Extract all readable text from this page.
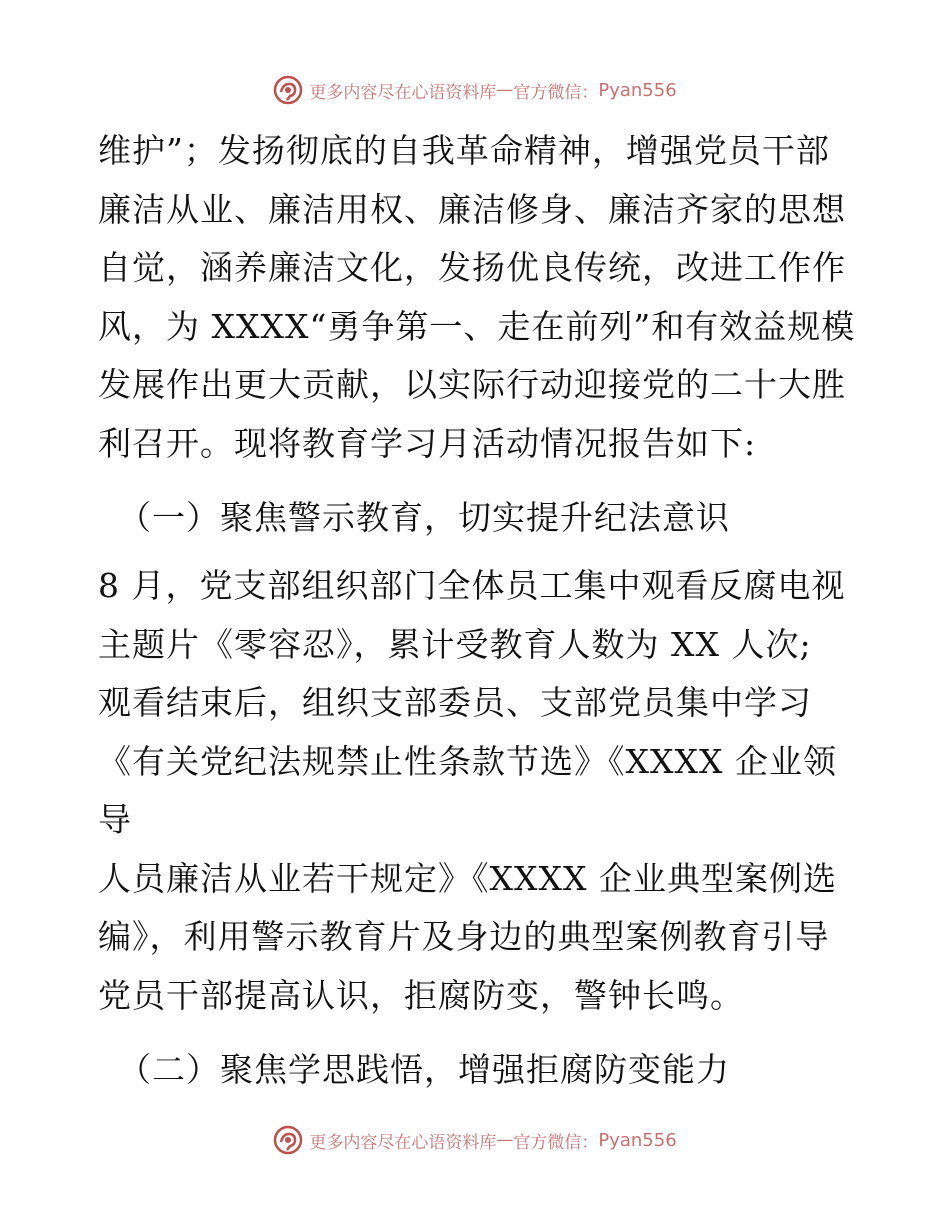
更多内容尽在心语资料库 — 官方微信： Pyan556

维护”；发扬彻底的自我革命精神，增强党员干部

廉洁从业、廉洁用权、廉洁修身、廉洁齐家的思想

自觉，涵养廉洁文化，发扬优良传统，改进工作作

风，为 XXXX“勇争第一、走在前列”和有效益规模

发展作出更大贡献，以实际行动迎接党的二十大胜

利召开。现将教育学习月活动情况报告如下:

（一）聚焦警示教育，切实提升纪法意识

8 月，党支部组织部门全体员工集中观看反腐电视

主题片《零容忍》，累计受教育人数为 XX 人次;

观看结束后，组织支部委员、支部党员集中学习

《有关党纪法规禁止性条款节选》《XXXX 企业领导

人员廉洁从业若干规定》《XXXX 企业典型案例选

编》，利用警示教育片及身边的典型案例教育引导

党员干部提高认识，拒腐防变，警钟长鸣。

（二）聚焦学思践悟，增强拒腐防变能力

更多内容尽在心语资料库 — 官方微信： Pyan556
